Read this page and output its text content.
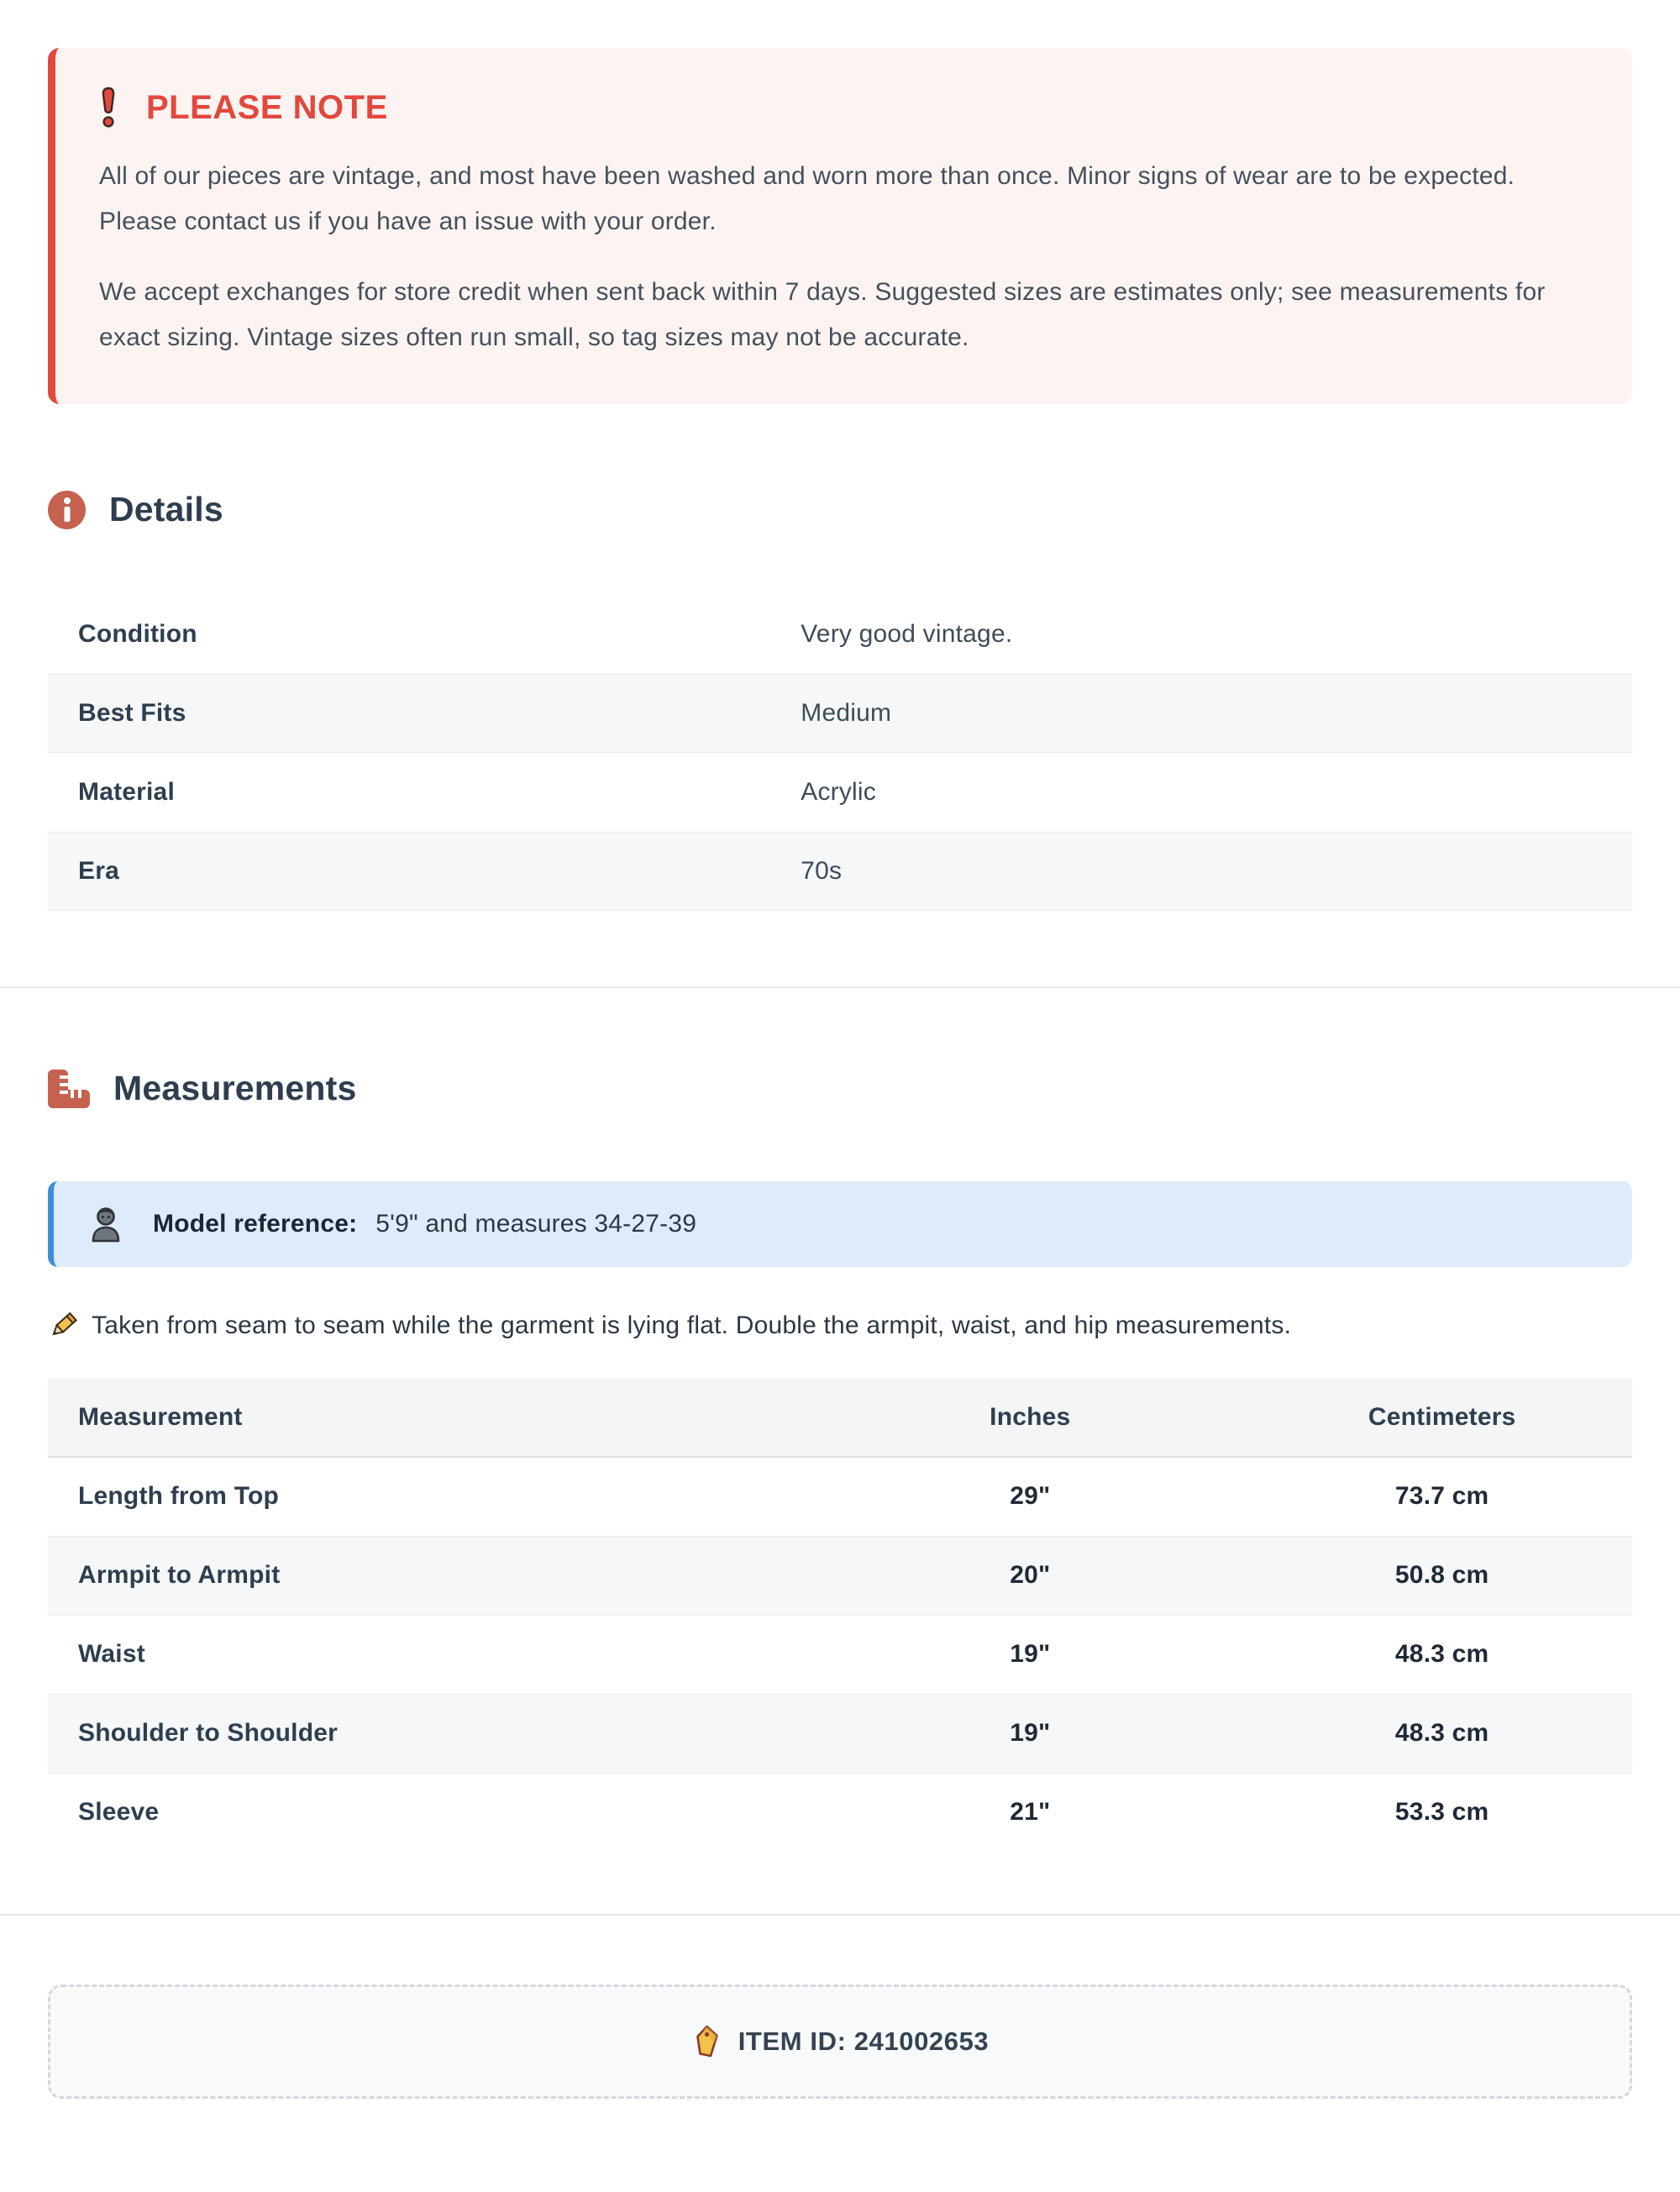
PLEASE NOTE

All of our pieces are vintage, and most have been washed and worn more than once. Minor signs of wear are to be expected. Please contact us if you have an issue with your order.

We accept exchanges for store credit when sent back within 7 days. Suggested sizes are estimates only; see measurements for exact sizing. Vintage sizes often run small, so tag sizes may not be accurate.

Details
Condition	Very good vintage.
Best Fits	Medium
Material	Acrylic
Era	70s
Measurements
Model reference: 5'9" and measures 34-27-39
Taken from seam to seam while the garment is lying flat. Double the armpit, waist, and hip measurements.
Measurement	Inches	Centimeters
Length from Top	29"	73.7 cm
Armpit to Armpit	20"	50.8 cm
Waist	19"	48.3 cm
Shoulder to Shoulder	19"	48.3 cm
Sleeve	21"	53.3 cm
ITEM ID: 241002653
